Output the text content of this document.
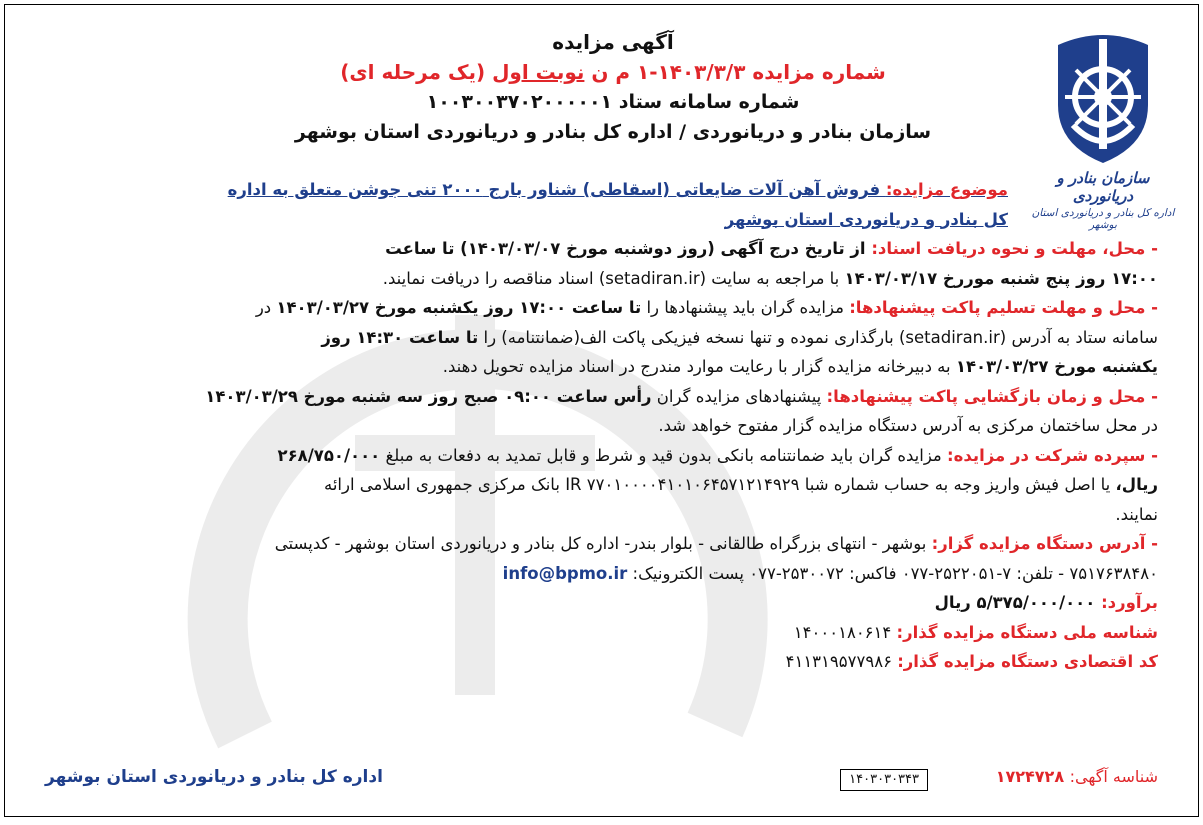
سازمان بنادر و دریانوردی
اداره کل بنادر و دریانوردی استان بوشهر
آگهی مزایده
شماره مزایده ۱۴۰۳/۳/۳-۱ م ن نوبت اول (یک مرحله ای)
شماره سامانه ستاد ۱۰۰۳۰۰۳۷۰۲۰۰۰۰۰۱
سازمان بنادر و دریانوردی / اداره کل بنادر و دریانوردی استان بوشهر
موضوع مزایده: فروش آهن آلات ضایعاتی (اسقاطی) شناور بارج ۲۰۰۰ تنی جوشن متعلق به اداره
کل بنادر و دریانوردی استان بوشهر
- محل، مهلت و نحوه دریافت اسناد: از تاریخ درج آگهی (روز دوشنبه مورخ ۱۴۰۳/۰۳/۰۷) تا ساعت
۱۷:۰۰ روز پنج شنبه موررخ ۱۴۰۳/۰۳/۱۷ با مراجعه به سایت (setadiran.ir) اسناد مناقصه را دریافت نمایند.
- محل و مهلت تسلیم پاکت پیشنهادها: مزایده گران باید پیشنهادها را تا ساعت ۱۷:۰۰ روز یکشنبه مورخ ۱۴۰۳/۰۳/۲۷ در
سامانه ستاد به آدرس (setadiran.ir) بارگذاری نموده و تنها نسخه فیزیکی پاکت الف(ضمانتنامه) را تا ساعت ۱۴:۳۰ روز
یکشنبه مورخ ۱۴۰۳/۰۳/۲۷ به دبیرخانه مزایده گزار با رعایت موارد مندرج در اسناد مزایده تحویل دهند.
- محل و زمان بازگشایی پاکت پیشنهادها: پیشنهادهای مزایده گران رأس ساعت ۰۹:۰۰ صبح روز سه شنبه مورخ ۱۴۰۳/۰۳/۲۹
در محل ساختمان مرکزی به آدرس دستگاه مزایده گزار مفتوح خواهد شد.
- سپرده شرکت در مزایده: مزایده گران باید ضمانتنامه بانکی بدون قید و شرط و قابل تمدید به دفعات به مبلغ ۲۶۸/۷۵۰/۰۰۰
ریال، یا اصل فیش واریز وجه به حساب شماره شبا IR ۷۷۰۱۰۰۰۰۴۱۰۱۰۶۴۵۷۱۲۱۴۹۲۹ بانک مرکزی جمهوری اسلامی ارائه
نمایند.
- آدرس دستگاه مزایده گزار: بوشهر - انتهای بزرگراه طالقانی - بلوار بندر- اداره کل بنادر و دریانوردی استان بوشهر - کدپستی
۷۵۱۷۶۳۸۴۸۰ - تلفن: ۷-۲۵۲۲۰۵۱-۰۷۷ فاکس: ۲۵۳۰۰۷۲-۰۷۷ پست الکترونیک: info@bpmo.ir
برآورد: ۵/۳۷۵/۰۰۰/۰۰۰ ریال
شناسه ملی دستگاه مزایده گذار: ۱۴۰۰۰۱۸۰۶۱۴
کد اقتصادی دستگاه مزایده گذار: ۴۱۱۳۱۹۵۷۷۹۸۶
شناسه آگهی: ۱۷۲۴۷۲۸
۱۴۰۳۰۳۰۳۴۳
اداره کل بنادر و دریانوردی استان بوشهر
